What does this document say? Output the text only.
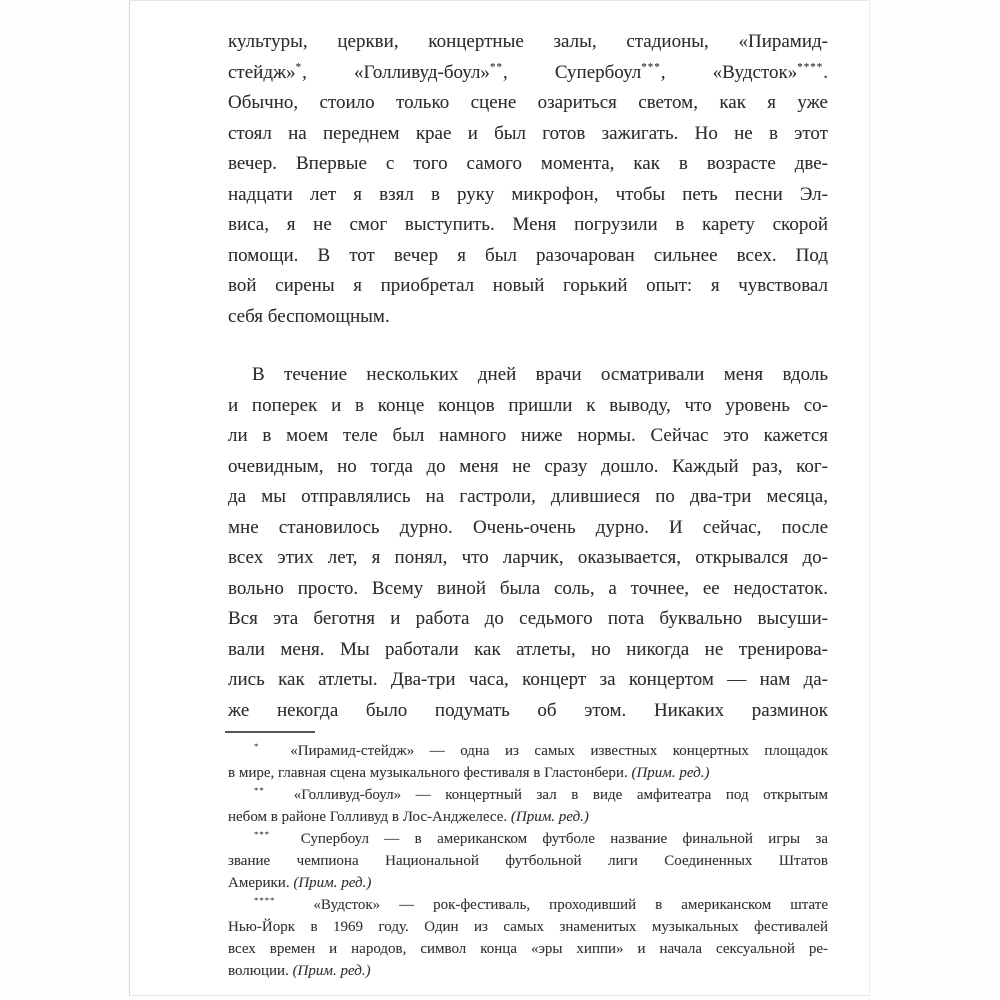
культуры, церкви, концертные залы, стадионы, «Пирамид-
стейдж»*, «Голливуд-боул»**, Супербоул***, «Вудсток»****.
Обычно, стоило только сцене озариться светом, как я уже
стоял на переднем крае и был готов зажигать. Но не в этот
вечер. Впервые с того самого момента, как в возрасте две-
надцати лет я взял в руку микрофон, чтобы петь песни Эл-
виса, я не смог выступить. Меня погрузили в карету скорой
помощи. В тот вечер я был разочарован сильнее всех. Под
вой сирены я приобретал новый горький опыт: я чувствовал
себя беспомощным.
В течение нескольких дней врачи осматривали меня вдоль
и поперек и в конце концов пришли к выводу, что уровень со-
ли в моем теле был намного ниже нормы. Сейчас это кажется
очевидным, но тогда до меня не сразу дошло. Каждый раз, ког-
да мы отправлялись на гастроли, длившиеся по два-три месяца,
мне становилось дурно. Очень-очень дурно. И сейчас, после
всех этих лет, я понял, что ларчик, оказывается, открывался до-
вольно просто. Всему виной была соль, а точнее, ее недостаток.
Вся эта беготня и работа до седьмого пота буквально высуши-
вали меня. Мы работали как атлеты, но никогда не тренирова-
лись как атлеты. Два-три часа, концерт за концертом — нам да-
же некогда было подумать об этом. Никаких разминок
*  «Пирамид-стейдж» — одна из самых известных концертных площадок
в мире, главная сцена музыкального фестиваля в Гластонбери. (Прим. ред.)
**  «Голливуд-боул» — концертный зал в виде амфитеатра под открытым
небом в районе Голливуд в Лос-Анджелесе. (Прим. ред.)
***  Супербоул — в американском футболе название финальной игры за
звание чемпиона Национальной футбольной лиги Соединенных Штатов
Америки. (Прим. ред.)
****  «Вудсток» — рок-фестиваль, проходивший в американском штате
Нью-Йорк в 1969 году. Один из самых знаменитых музыкальных фестивалей
всех времен и народов, символ конца «эры хиппи» и начала сексуальной ре-
волюции. (Прим. ред.)
